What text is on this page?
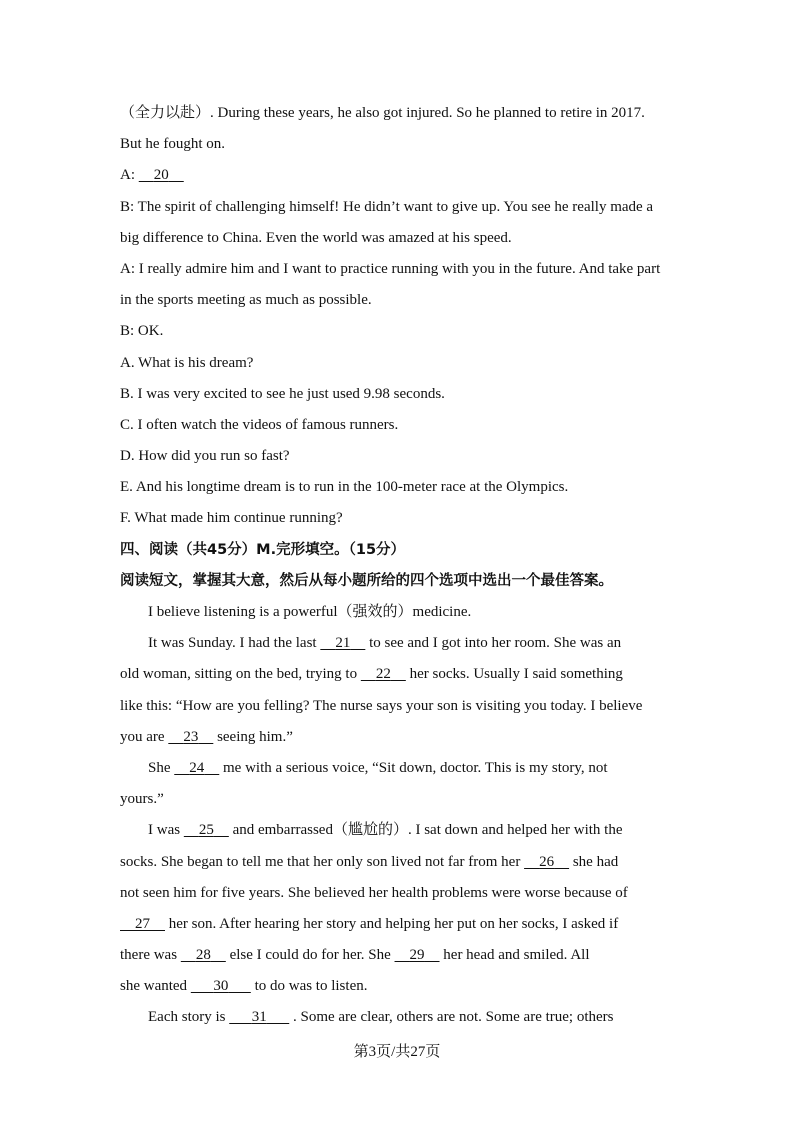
（全力以赴）. During these years, he also got injured. So he planned to retire in 2017.
But he fought on.
A:     20
B: The spirit of challenging himself! He didn’t want to give up. You see he really made a
big difference to China. Even the world was amazed at his speed.
A: I really admire him and I want to practice running with you in the future. And take part
in the sports meeting as much as possible.
B: OK.
A. What is his dream?
B. I was very excited to see he just used 9.98 seconds.
C. I often watch the videos of famous runners.
D. How did you run so fast?
E. And his longtime dream is to run in the 100-meter race at the Olympics.
F. What made him continue running?
四、阅读（共45分）M.完形填空。（15分）
阅读短文，掌握其大意，然后从每小题所给的四个选项中选出一个最佳答案。
I believe listening is a powerful（强效的）medicine.
It was Sunday. I had the last     21     to see and I got into her room. She was an
old woman, sitting on the bed, trying to     22     her socks. Usually I said something
like this: “How are you felling? The nurse says your son is visiting you today. I believe
you are     23     seeing him.”
She     24     me with a serious voice, “Sit down, doctor. This is my story, not
yours.”
I was     25     and embarrassed（尴尬的）. I sat down and helped her with the
socks. She began to tell me that her only son lived not far from her     26     she had
not seen him for five years. She believed her health problems were worse because of
27     her son. After hearing her story and helping her put on her socks, I asked if
there was     28     else I could do for her. She     29     her head and smiled. All
she wanted       30       to do was to listen.
Each story is       31       . Some are clear, others are not. Some are true; others
第3页/共27页
